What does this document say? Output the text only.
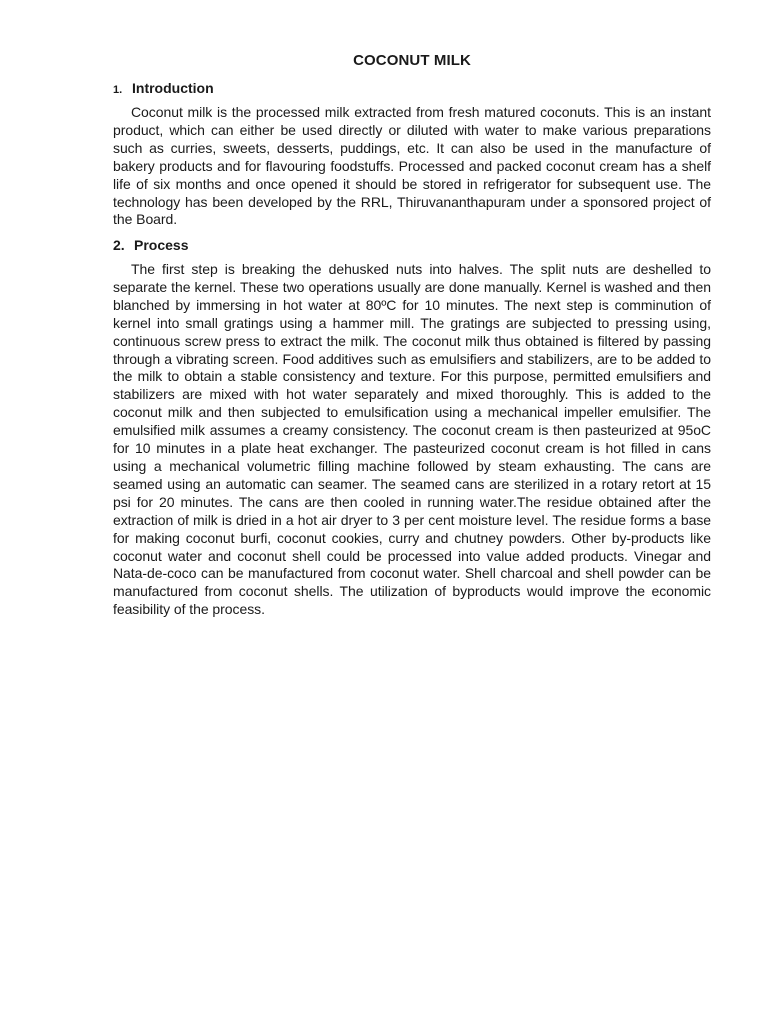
COCONUT MILK
1. Introduction

Coconut milk is the processed milk extracted from fresh matured coconuts. This is an instant product, which can either be used directly or diluted with water to make various preparations such as curries, sweets, desserts, puddings, etc. It can also be used in the manufacture of bakery products and for flavouring foodstuffs. Processed and packed coconut cream has a shelf life of six months and once opened it should be stored in refrigerator for subsequent use. The technology has been developed by the RRL, Thiruvananthapuram under a sponsored project of the Board.

2. Process

The first step is breaking the dehusked nuts into halves. The split nuts are deshelled to separate the kernel. These two operations usually are done manually. Kernel is washed and then blanched by immersing in hot water at 80ºC for 10 minutes. The next step is comminution of kernel into small gratings using a hammer mill. The gratings are subjected to pressing using, continuous screw press to extract the milk. The coconut milk thus obtained is filtered by passing through a vibrating screen. Food additives such as emulsifiers and stabilizers, are to be added to the milk to obtain a stable consistency and texture. For this purpose, permitted emulsifiers and stabilizers are mixed with hot water separately and mixed thoroughly. This is added to the coconut milk and then subjected to emulsification using a mechanical impeller emulsifier. The emulsified milk assumes a creamy consistency. The coconut cream is then pasteurized at 95oC for 10 minutes in a plate heat exchanger. The pasteurized coconut cream is hot filled in cans using a mechanical volumetric filling machine followed by steam exhausting. The cans are seamed using an automatic can seamer. The seamed cans are sterilized in a rotary retort at 15 psi for 20 minutes. The cans are then cooled in running water.The residue obtained after the extraction of milk is dried in a hot air dryer to 3 per cent moisture level. The residue forms a base for making coconut burfi, coconut cookies, curry and chutney powders. Other by-products like coconut water and coconut shell could be processed into value added products. Vinegar and Nata-de-coco can be manufactured from coconut water. Shell charcoal and shell powder can be manufactured from coconut shells. The utilization of byproducts would improve the economic feasibility of the process.
